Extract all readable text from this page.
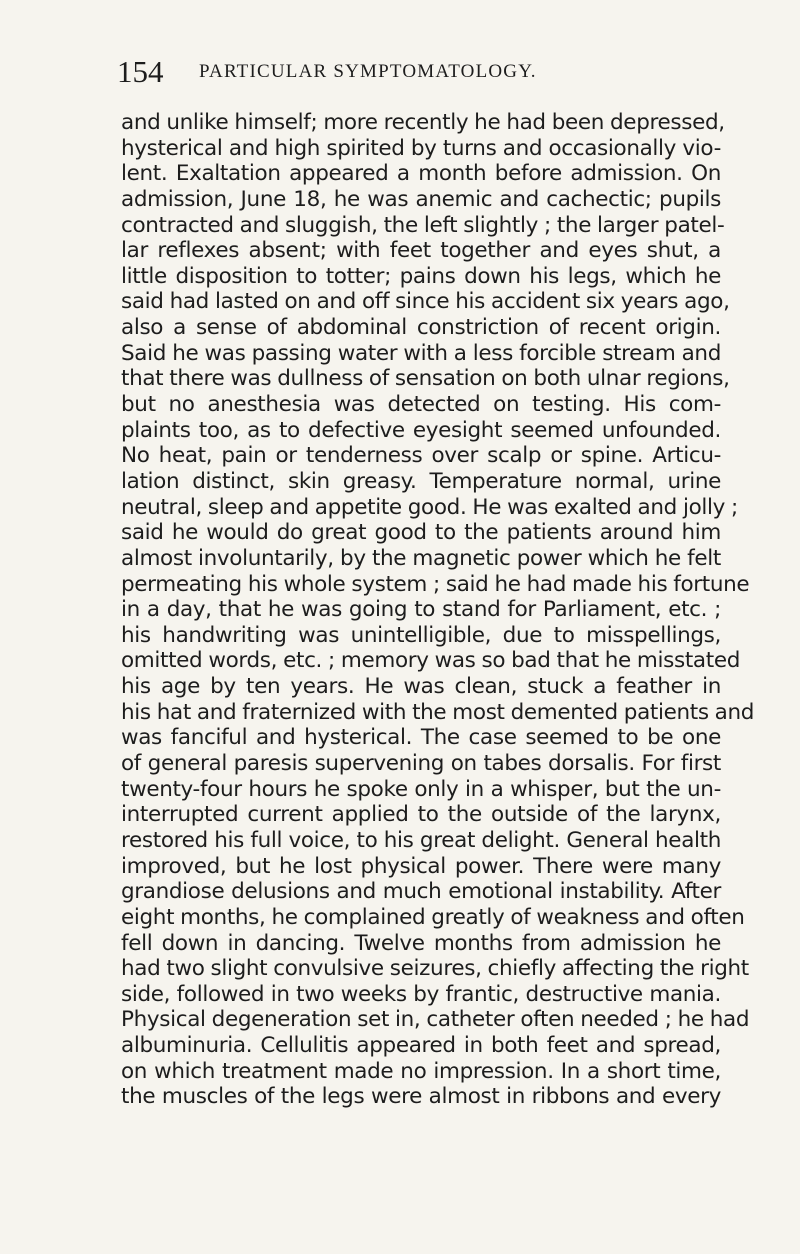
154 PARTICULAR SYMPTOMATOLOGY.
and unlike himself; more recently he had been depressed,
hysterical and high spirited by turns and occasionally vio-
lent. Exaltation appeared a month before admission. On
admission, June 18, he was anemic and cachectic; pupils
contracted and sluggish, the left slightly ; the larger patel-
lar reflexes absent; with feet together and eyes shut, a
little disposition to totter; pains down his legs, which he
said had lasted on and off since his accident six years ago,
also a sense of abdominal constriction of recent origin.
Said he was passing water with a less forcible stream and
that there was dullness of sensation on both ulnar regions,
but no anesthesia was detected on testing. His com-
plaints too, as to defective eyesight seemed unfounded.
No heat, pain or tenderness over scalp or spine. Articu-
lation distinct, skin greasy. Temperature normal, urine
neutral, sleep and appetite good. He was exalted and jolly ;
said he would do great good to the patients around him
almost involuntarily, by the magnetic power which he felt
permeating his whole system ; said he had made his fortune
in a day, that he was going to stand for Parliament, etc. ;
his handwriting was unintelligible, due to misspellings,
omitted words, etc. ; memory was so bad that he misstated
his age by ten years. He was clean, stuck a feather in
his hat and fraternized with the most demented patients and
was fanciful and hysterical. The case seemed to be one
of general paresis supervening on tabes dorsalis. For first
twenty-four hours he spoke only in a whisper, but the un-
interrupted current applied to the outside of the larynx,
restored his full voice, to his great delight. General health
improved, but he lost physical power. There were many
grandiose delusions and much emotional instability. After
eight months, he complained greatly of weakness and often
fell down in dancing. Twelve months from admission he
had two slight convulsive seizures, chiefly affecting the right
side, followed in two weeks by frantic, destructive mania.
Physical degeneration set in, catheter often needed ; he had
albuminuria. Cellulitis appeared in both feet and spread,
on which treatment made no impression. In a short time,
the muscles of the legs were almost in ribbons and every
